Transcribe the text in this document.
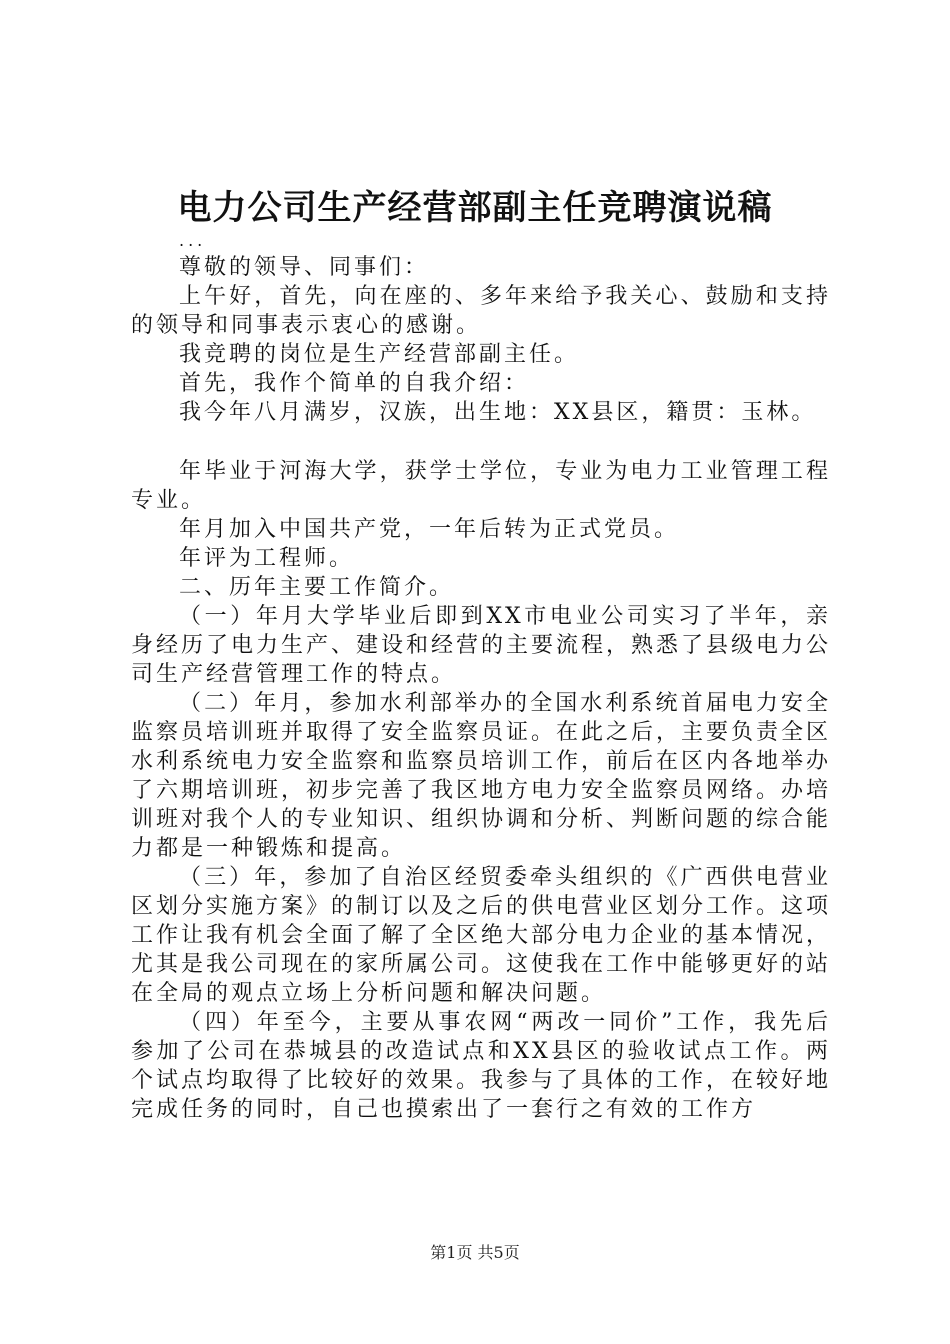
电力公司生产经营部副主任竞聘演说稿
...

尊敬的领导、同事们：

上午好，首先，向在座的、多年来给予我关心、鼓励和支持的领导和同事表示衷心的感谢。

我竞聘的岗位是生产经营部副主任。

首先，我作个简单的自我介绍：

我今年八月满岁，汉族，出生地：XX县区，籍贯：玉林。

年毕业于河海大学，获学士学位，专业为电力工业管理工程专业。

年月加入中国共产党，一年后转为正式党员。

年评为工程师。

二、历年主要工作简介。

（一）年月大学毕业后即到XX市电业公司实习了半年，亲身经历了电力生产、建设和经营的主要流程，熟悉了县级电力公司生产经营管理工作的特点。

（二）年月，参加水利部举办的全国水利系统首届电力安全监察员培训班并取得了安全监察员证。在此之后，主要负责全区水利系统电力安全监察和监察员培训工作，前后在区内各地举办了六期培训班，初步完善了我区地方电力安全监察员网络。办培训班对我个人的专业知识、组织协调和分析、判断问题的综合能力都是一种锻炼和提高。

（三）年，参加了自治区经贸委牵头组织的《广西供电营业区划分实施方案》的制订以及之后的供电营业区划分工作。这项工作让我有机会全面了解了全区绝大部分电力企业的基本情况，尤其是我公司现在的家所属公司。这使我在工作中能够更好的站在全局的观点立场上分析问题和解决问题。

（四）年至今，主要从事农网“两改一同价”工作，我先后参加了公司在恭城县的改造试点和XX县区的验收试点工作。两个试点均取得了比较好的效果。我参与了具体的工作，在较好地完成任务的同时，自己也摸索出了一套行之有效的工作方

第1页 共5页
